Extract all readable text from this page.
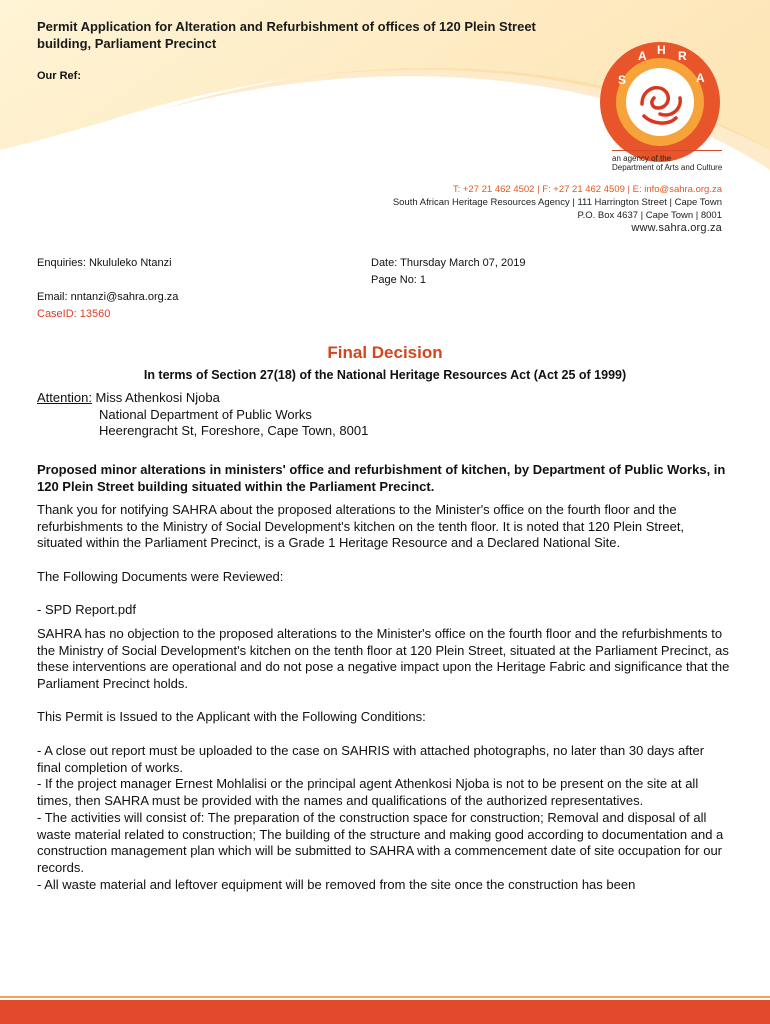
Permit Application for Alteration and Refurbishment of offices of 120 Plein Street building, Parliament Precinct
Our Ref:	S
A H R
A
an agency of the
Department of Arts and Culture
T: +27 21 462 4502 | F: +27 21 462 4509 | E: info@sahra.org.za
South African Heritage Resources Agency | 111 Harrington Street | Cape Town
P.O. Box 4637 | Cape Town | 8001
www.sahra.org.za
Enquiries: Nkululeko Ntanzi
Email: nntanzi@sahra.org.za
CaseID: 13560
Date: Thursday March 07, 2019
Page No: 1
Final Decision
In terms of Section 27(18) of the National Heritage Resources Act (Act 25 of 1999)
Attention: Miss Athenkosi Njoba
National Department of Public Works
Heerengracht St, Foreshore, Cape Town, 8001

Proposed minor alterations in ministers' office and refurbishment of kitchen, by Department of Public Works, in 120 Plein Street building situated within the Parliament Precinct.

Thank you for notifying SAHRA about the proposed alterations to the Minister's office on the fourth floor and the refurbishments to the Ministry of Social Development's kitchen on the tenth floor. It is noted that 120 Plein Street, situated within the Parliament Precinct, is a Grade 1 Heritage Resource and a Declared National Site.

The Following Documents were Reviewed:

- SPD Report.pdf

SAHRA has no objection to the proposed alterations to the Minister's office on the fourth floor and the refurbishments to the Ministry of Social Development's kitchen on the tenth floor at 120 Plein Street, situated at the Parliament Precinct, as these interventions are operational and do not pose a negative impact upon the Heritage Fabric and significance that the Parliament Precinct holds.

This Permit is Issued to the Applicant with the Following Conditions:

- A close out report must be uploaded to the case on SAHRIS with attached photographs, no later than 30 days after final completion of works.

- If the project manager Ernest Mohlalisi or the principal agent Athenkosi Njoba is not to be present on the site at all times, then SAHRA must be provided with the names and qualifications of the authorized representatives.

- The activities will consist of: The preparation of the construction space for construction; Removal and disposal of all waste material related to construction; The building of the structure and making good according to documentation and a construction management plan which will be submitted to SAHRA with a commencement date of site occupation for our records.

- All waste material and leftover equipment will be removed from the site once the construction has been
